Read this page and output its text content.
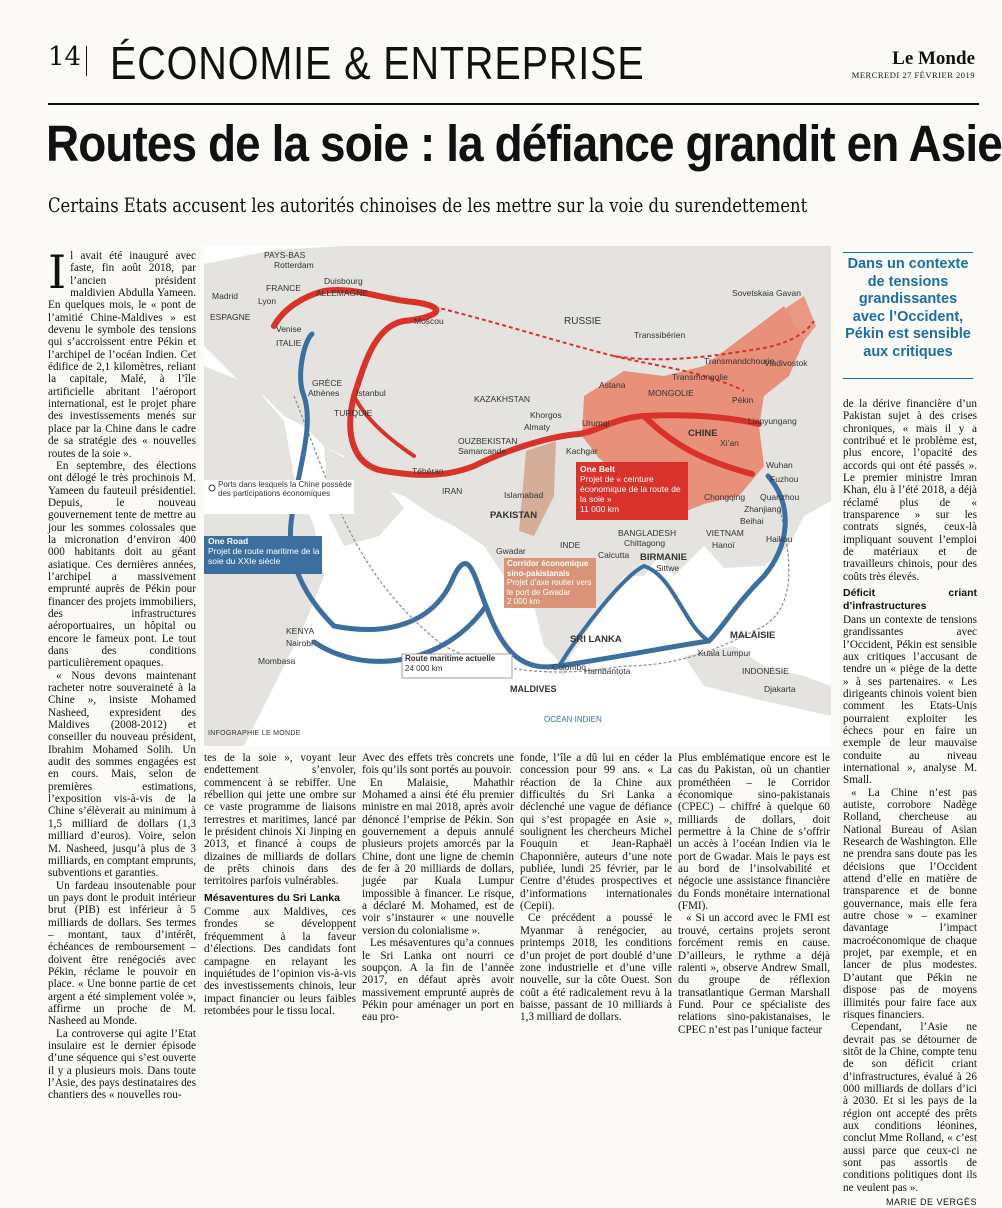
14 ÉCONOMIE & ENTREPRISE	Le Monde
MERCREDI 27 FÉVRIER 2019
Routes de la soie : la défiance grandit en Asie
Certains Etats accusent les autorités chinoises de les mettre sur la voie du surendettement
I l avait été inauguré avec faste, fin août 2018, par l’ancien président maldivien Abdulla Yameen. En quelques mois, le « pont de l’amitié Chine-Maldives » est devenu le symbole des tensions qui s’accroissent entre Pékin et l’archipel de l’océan Indien. Cet édifice de 2,1 kilomètres, reliant la capitale, Malé, à l’île artificielle abritant l’aéroport international, est le projet phare des investissements menés sur place par la Chine dans le cadre de sa stratégie des « nouvelles routes de la soie ».

En septembre, des élections ont délogé le très prochinois M. Yameen du fauteuil présidentiel. Depuis, le nouveau gouvernement tente de mettre au jour les sommes colossales que la micronation d’environ 400 000 habitants doit au géant asiatique. Ces dernières années, l’archipel a massivement emprunté auprès de Pékin pour financer des projets immobiliers, des infrastructures aéroportuaires, un hôpital ou encore le fameux pont. Le tout dans des conditions particulièrement opaques.

« Nous devons maintenant racheter notre souveraineté à la Chine », insiste Mohamed Nasheed, expresident des Maldives (2008-2012) et conseiller du nouveau président, Ibrahim Mohamed Solih. Un audit des sommes engagées est en cours. Mais, selon de premières estimations, l’exposition vis-à-vis de la Chine s’élèverait au minimum à 1,5 milliard de dollars (1,3 milliard d’euros). Voire, selon M. Nasheed, jusqu’à plus de 3 milliards, en comptant emprunts, subventions et garanties.

Un fardeau insoutenable pour un pays dont le produit intérieur brut (PIB) est inférieur à 5 milliards de dollars. Ses termes – montant, taux d’intérêt, échéances de remboursement – doivent être renégociés avec Pékin, réclame le pouvoir en place. « Une bonne partie de cet argent a été simplement volée », affirme un proche de M. Nasheed au Monde.

La controverse qui agite l’Etat insulaire est le dernier épisode d’une séquence qui s’est ouverte il y a plusieurs mois. Dans toute l’Asie, des pays destinataires des chantiers des « nouvelles rou-

PAYS-BAS
Rotterdam
Duisbourg
ALLEMAGNE
FRANCE
Madrid Lyon
ESPAGNE
Venise
ITALIE
GRÈCE
Athènes Istanbul
TURQUIE
Moscou	RUSSIE
Transsibérien
Transmandchourie
Transmongolie
Sovetskaia Gavan
Vladivostok
Astana
KAZAKHSTAN
MONGOLIE
Pékin
Khorgos
Urumqi
Almaty
CHINE
Xi’an
Lianyungang
OUZBEKISTAN
Samarcande	Kachgar
Wuhan
Fuzhou
Téhéran
IRAN
Chongqing Quanzhou
Zhanjiang
Beihai
Haikou
Islamabad
PAKISTAN
VIETNAM
Hanoï
Gwadar
INDE
BANGLADESH
Chittagong
Calcutta BIRMANIE
Sittwe
KENYA
Nairobi
Mombasa
SRI LANKA
Colombo
Hambantota
MALAISIE
Kuala Lumpur
INDONÉSIE
Djakarta
MALDIVES
OCÉAN INDIEN
Ports dans lesquels la Chine possède des participations économiques
One Road
Projet de route maritime de la soie du XXIe siècle
One Belt
Projet de « ceinture économique de la route de la soie »
11 000 km
Corridor économique sino-pakistanais
Projet d’axe routier vers le port de Gwadar
2 000 km
Route maritime actuelle
24 000 km
INFOGRAPHIE LE MONDE
Dans un contexte de tensions grandissantes avec l’Occident, Pékin est sensible aux critiques

de la dérive financière d’un Pakistan sujet à des crises chroniques, « mais il y a contribué et le problème est, plus encore, l’opacité des accords qui ont été passés ». Le premier ministre Imran Khan, élu à l’été 2018, a déjà réclamé plus de « transparence » sur les contrats signés, ceux-là impliquant souvent l’emploi de matériaux et de travailleurs chinois, pour des coûts très élevés.

Déficit criant d’infrastructures

Dans un contexte de tensions grandissantes avec l’Occident, Pékin est sensible aux critiques l’accusant de tendre un « piège de la dette » à ses partenaires. « Les dirigeants chinois voient bien comment les Etats-Unis pourraient exploiter les échecs pour en faire un exemple de leur mauvaise conduite au niveau international », analyse M. Small.

« La Chine n’est pas autiste, corrobore Nadège Rolland, chercheuse au National Bureau of Asian Research de Washington. Elle ne prendra sans doute pas les décisions que l’Occident attend d’elle en matière de transparence et de bonne gouvernance, mais elle fera autre chose » – examiner davantage l’impact macroéconomique de chaque projet, par exemple, et en lancer de plus modestes. D’autant que Pékin ne dispose pas de moyens illimités pour faire face aux risques financiers.

Cependant, l’Asie ne devrait pas se détourner de sitôt de la Chine, compte tenu de son déficit criant d’infrastructures, évalué à 26 000 milliards de dollars d’ici à 2030. Et si les pays de la région ont accepté des prêts aux conditions léonines, conclut Mme Rolland, « c’est aussi parce que ceux-ci ne sont pas assortis de conditions politiques dont ils ne veulent pas ».

MARIE DE VERGÈS

tes de la soie », voyant leur endettement s’envoler, commencent à se rebiffer. Une rébellion qui jette une ombre sur ce vaste programme de liaisons terrestres et maritimes, lancé par le président chinois Xi Jinping en 2013, et financé à coups de dizaines de milliards de dollars de prêts chinois dans des territoires parfois vulnérables.

Mésaventures du Sri Lanka

Comme aux Maldives, ces frondes se développent fréquemment à la faveur d’élections. Des candidats font campagne en relayant les inquiétudes de l’opinion vis-à-vis des investissements chinois, leur impact financier ou leurs faibles retombées pour le tissu local.

Avec des effets très concrets une fois qu’ils sont portés au pouvoir.

En Malaisie, Mahathir Mohamed a ainsi été élu premier ministre en mai 2018, après avoir dénoncé l’emprise de Pékin. Son gouvernement a depuis annulé plusieurs projets amorcés par la Chine, dont une ligne de chemin de fer à 20 milliards de dollars, jugée par Kuala Lumpur impossible à financer. Le risque, a déclaré M. Mohamed, est de voir s’instaurer « une nouvelle version du colonialisme ».

Les mésaventures qu’a connues le Sri Lanka ont nourri ce soupçon. A la fin de l’année 2017, en défaut après avoir massivement emprunté auprès de Pékin pour aménager un port en eau pro-

fonde, l’île a dû lui en céder la concession pour 99 ans. « La réaction de la Chine aux difficultés du Sri Lanka a déclenché une vague de défiance qui s’est propagée en Asie », soulignent les chercheurs Michel Fouquin et Jean-Raphaël Chaponnière, auteurs d’une note publiée, lundi 25 février, par le Centre d’études prospectives et d’informations internationales (Cepii).

Ce précédent a poussé le Myanmar à renégocier, au printemps 2018, les conditions d’un projet de port doublé d’une zone industrielle et d’une ville nouvelle, sur la côte Ouest. Son coût a été radicalement revu à la baisse, passant de 10 milliards à 1,3 milliard de dollars.

Plus emblématique encore est le cas du Pakistan, où un chantier prométhéen – le Corridor économique sino-pakistanais (CPEC) – chiffré à quelque 60 milliards de dollars, doit permettre à la Chine de s’offrir un accès à l’océan Indien via le port de Gwadar. Mais le pays est au bord de l’insolvabilité et négocie une assistance financière du Fonds monétaire international (FMI).

« Si un accord avec le FMI est trouvé, certains projets seront forcément remis en cause. D’ailleurs, le rythme a déjà ralenti », observe Andrew Small, du groupe de réflexion transatlantique German Marshall Fund. Pour ce spécialiste des relations sino-pakistanaises, le CPEC n’est pas l’unique facteur
